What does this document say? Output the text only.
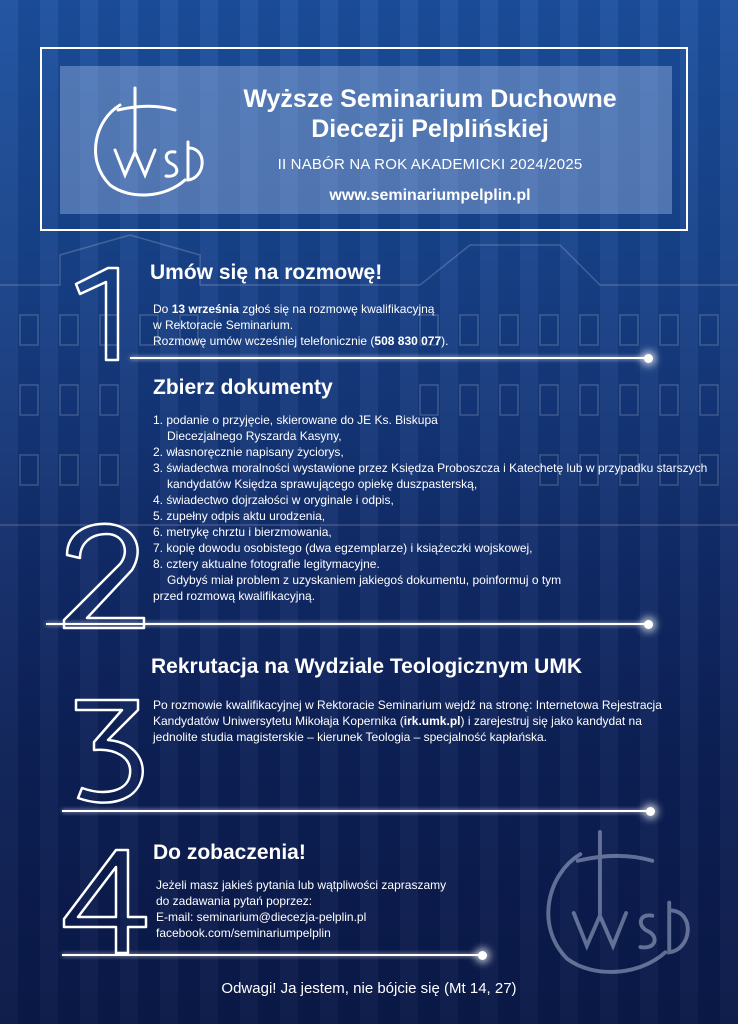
Wyższe Seminarium Duchowne
Diecezji Pelplińskiej
II NABÓR NA ROK AKADEMICKI 2024/2025
www.seminariumpelplin.pl
Umów się na rozmowę!
Do 13 września zgłoś się na rozmowę kwalifikacyjną
w Rektoracie Seminarium.
Rozmowę umów wcześniej telefonicznie (508 830 077).
Zbierz dokumenty
1. podanie o przyjęcie, skierowane do JE Ks. Biskupa Diecezjalnego Ryszarda Kasyny,
2. własnoręcznie napisany życiorys,
3. świadectwa moralności wystawione przez Księdza Proboszcza i Katechetę lub w przypadku starszych kandydatów Księdza sprawującego opiekę duszpasterską,
4. świadectwo dojrzałości w oryginale i odpis,
5. zupełny odpis aktu urodzenia,
6. metrykę chrztu i bierzmowania,
7. kopię dowodu osobistego (dwa egzemplarze) i książeczki wojskowej,
8. cztery aktualne fotografie legitymacyjne.
Gdybyś miał problem z uzyskaniem jakiegoś dokumentu, poinformuj o tym
przed rozmową kwalifikacyjną.
Rekrutacja na Wydziale Teologicznym UMK
Po rozmowie kwalifikacyjnej w Rektoracie Seminarium wejdź na stronę: Internetowa Rejestracja Kandydatów Uniwersytetu Mikołaja Kopernika (irk.umk.pl) i zarejestruj się jako kandydat na jednolite studia magisterskie – kierunek Teologia – specjalność kapłańska.
Do zobaczenia!
Jeżeli masz jakieś pytania lub wątpliwości zapraszamy
do zadawania pytań poprzez:
E-mail: seminarium@diecezja-pelplin.pl
facebook.com/seminariumpelplin
Odwagi! Ja jestem, nie bójcie się (Mt 14, 27)
